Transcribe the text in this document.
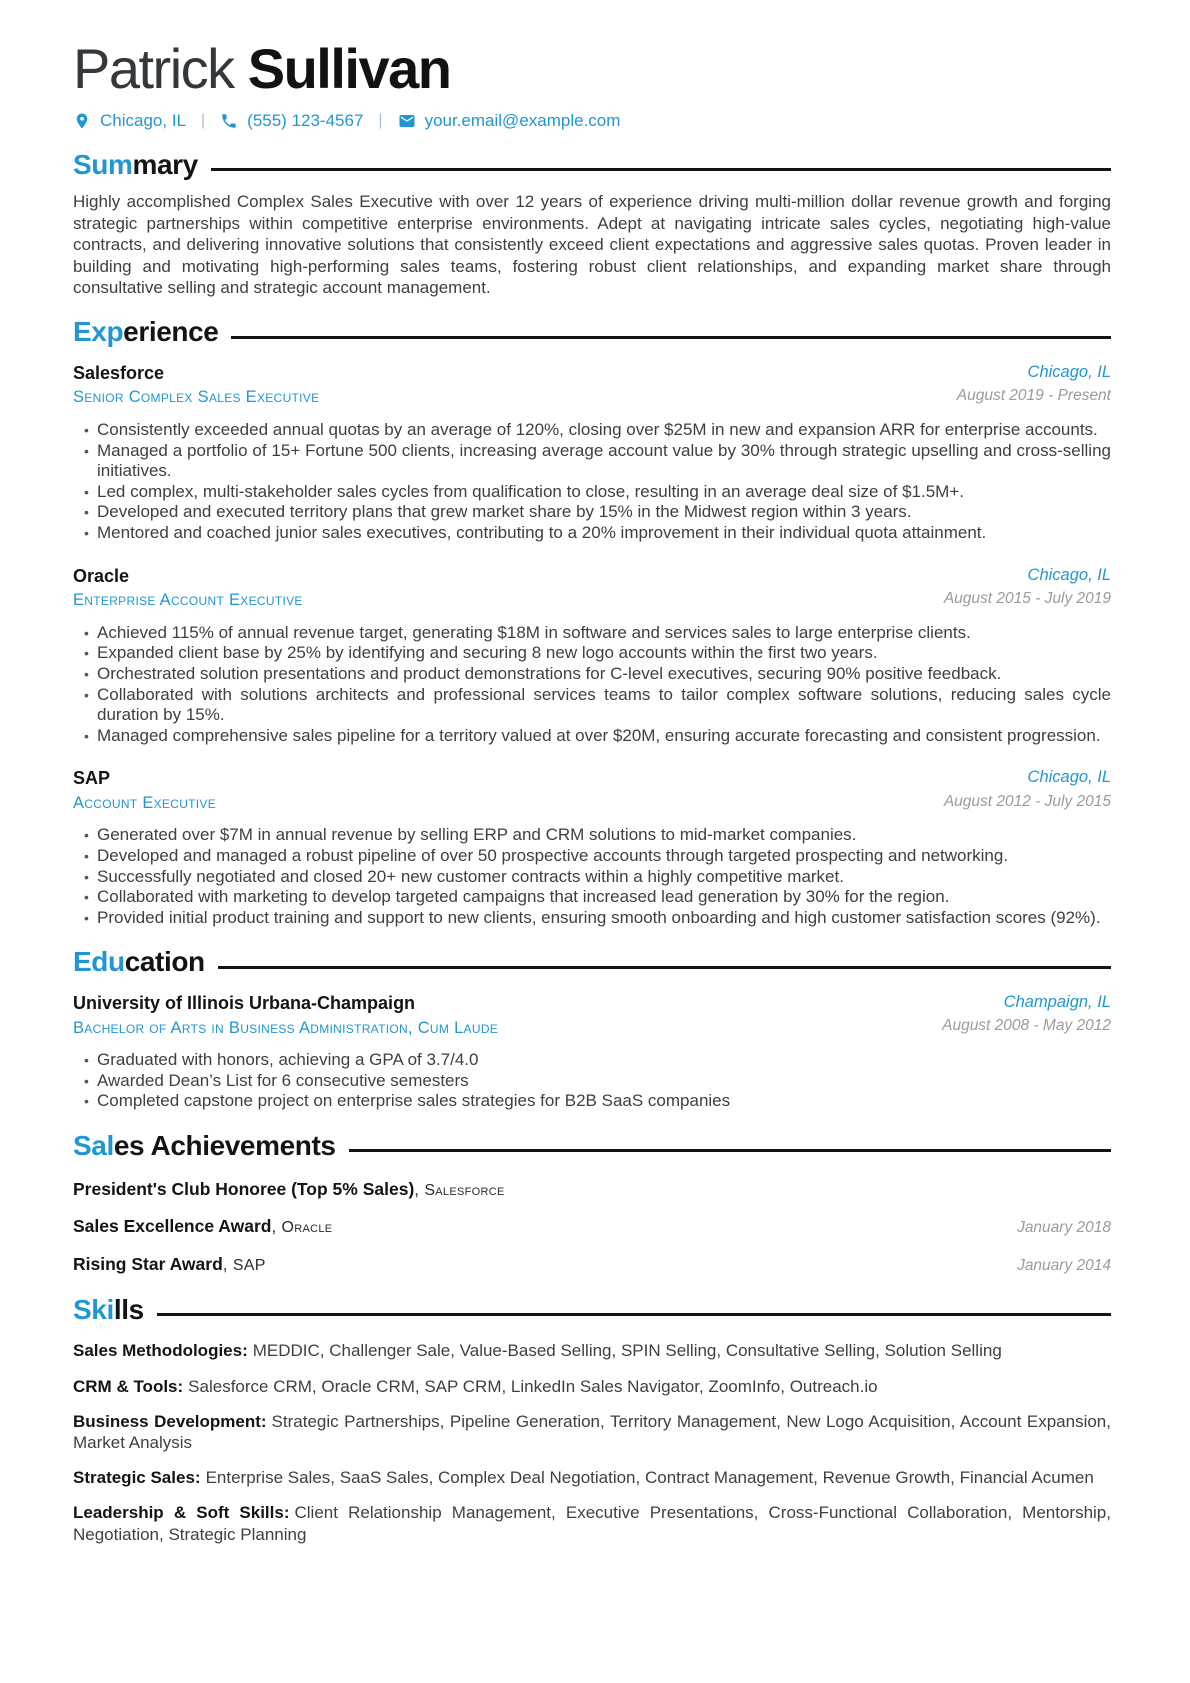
Patrick Sullivan
Chicago, IL | (555) 123-4567 | your.email@example.com
Summary

Highly accomplished Complex Sales Executive with over 12 years of experience driving multi-million dollar revenue growth and forging strategic partnerships within competitive enterprise environments. Adept at navigating intricate sales cycles, negotiating high-value contracts, and delivering innovative solutions that consistently exceed client expectations and aggressive sales quotas. Proven leader in building and motivating high-performing sales teams, fostering robust client relationships, and expanding market share through consultative selling and strategic account management.

Experience
Salesforce
Senior Complex Sales Executive
Chicago, IL
August 2019 - Present
• Consistently exceeded annual quotas by an average of 120%, closing over $25M in new and expansion ARR for enterprise accounts.
• Managed a portfolio of 15+ Fortune 500 clients, increasing average account value by 30% through strategic upselling and cross-selling initiatives.
• Led complex, multi-stakeholder sales cycles from qualification to close, resulting in an average deal size of $1.5M+.
• Developed and executed territory plans that grew market share by 15% in the Midwest region within 3 years.
• Mentored and coached junior sales executives, contributing to a 20% improvement in their individual quota attainment.
Oracle
Enterprise Account Executive
Chicago, IL
August 2015 - July 2019
• Achieved 115% of annual revenue target, generating $18M in software and services sales to large enterprise clients.
• Expanded client base by 25% by identifying and securing 8 new logo accounts within the first two years.
• Orchestrated solution presentations and product demonstrations for C-level executives, securing 90% positive feedback.
• Collaborated with solutions architects and professional services teams to tailor complex software solutions, reducing sales cycle duration by 15%.
• Managed comprehensive sales pipeline for a territory valued at over $20M, ensuring accurate forecasting and consistent progression.
SAP
Account Executive
Chicago, IL
August 2012 - July 2015
• Generated over $7M in annual revenue by selling ERP and CRM solutions to mid-market companies.
• Developed and managed a robust pipeline of over 50 prospective accounts through targeted prospecting and networking.
• Successfully negotiated and closed 20+ new customer contracts within a highly competitive market.
• Collaborated with marketing to develop targeted campaigns that increased lead generation by 30% for the region.
• Provided initial product training and support to new clients, ensuring smooth onboarding and high customer satisfaction scores (92%).
Education
University of Illinois Urbana-Champaign
Bachelor of Arts in Business Administration, Cum Laude
Champaign, IL
August 2008 - May 2012
• Graduated with honors, achieving a GPA of 3.7/4.0
• Awarded Dean’s List for 6 consecutive semesters
• Completed capstone project on enterprise sales strategies for B2B SaaS companies
Sales Achievements
President's Club Honoree (Top 5% Sales) , Salesforce
Sales Excellence Award , Oracle	January 2018
Rising Star Award , SAP	January 2014
Skills

Sales Methodologies: MEDDIC, Challenger Sale, Value-Based Selling, SPIN Selling, Consultative Selling, Solution Selling

CRM & Tools: Salesforce CRM, Oracle CRM, SAP CRM, LinkedIn Sales Navigator, ZoomInfo, Outreach.io

Business Development: Strategic Partnerships, Pipeline Generation, Territory Management, New Logo Acquisition, Account Expansion, Market Analysis

Strategic Sales: Enterprise Sales, SaaS Sales, Complex Deal Negotiation, Contract Management, Revenue Growth, Financial Acumen

Leadership & Soft Skills: Client Relationship Management, Executive Presentations, Cross-Functional Collaboration, Mentorship, Negotiation, Strategic Planning
